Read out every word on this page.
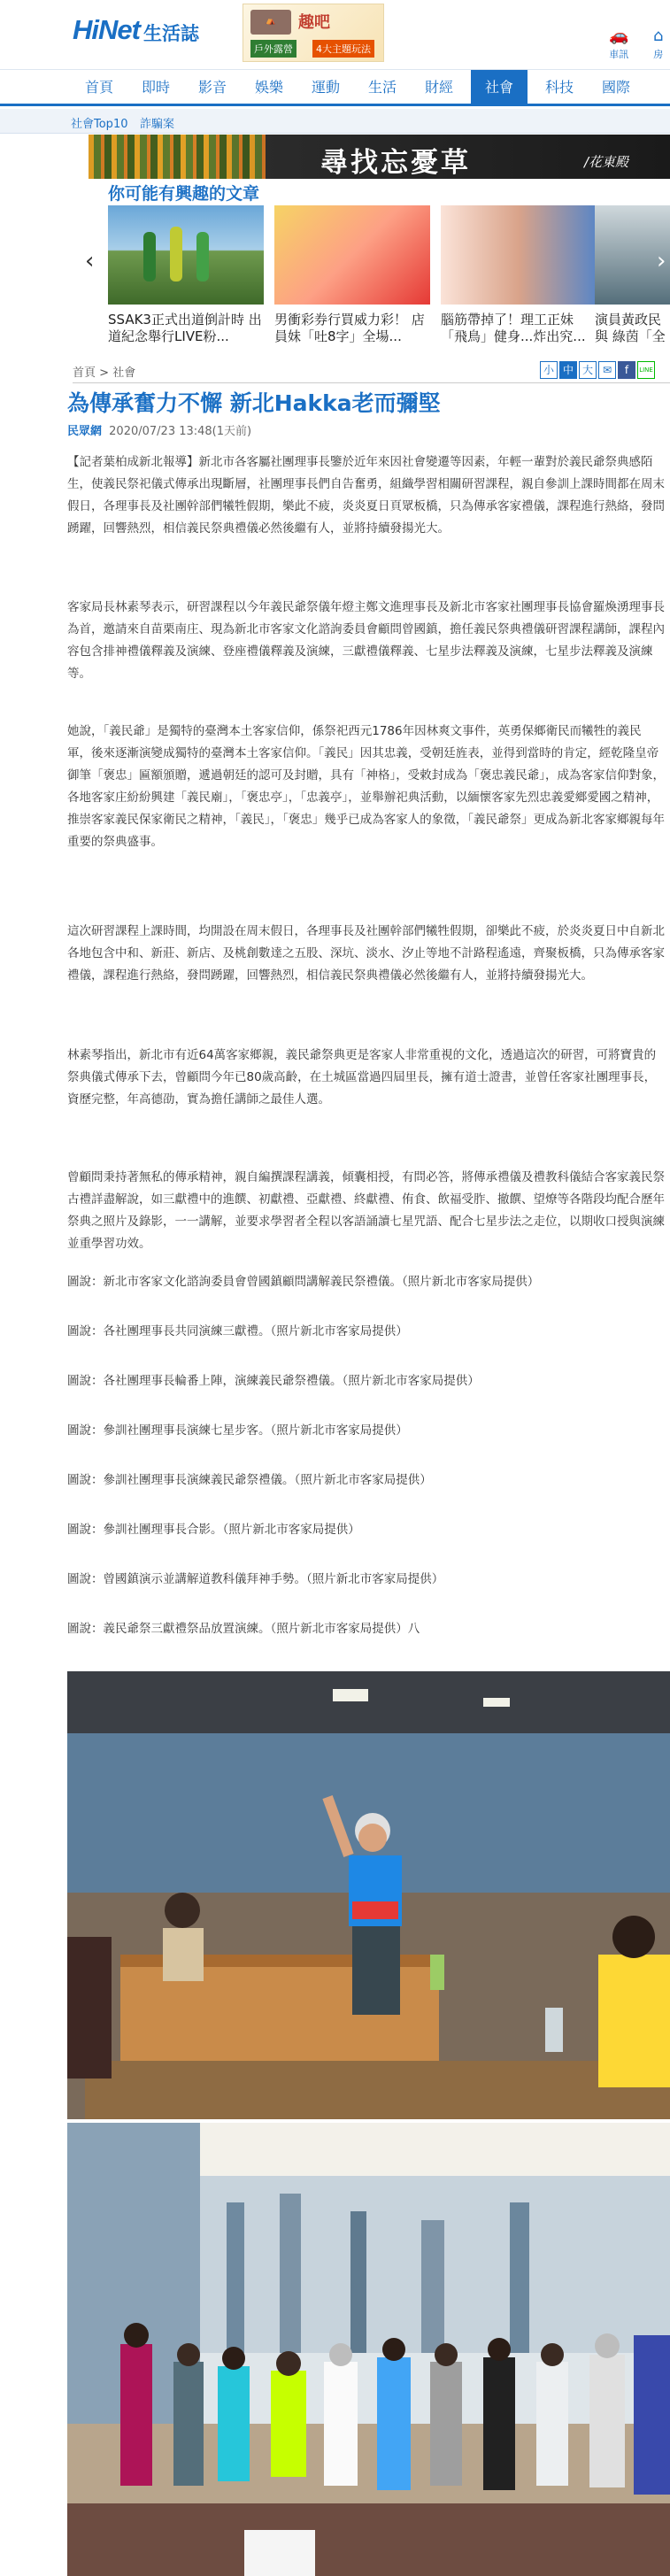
HiNet 生活誌
⛺	趣吧
戶外露營	4大主題玩法
🚗
車訊
⌂
房
首頁	即時	影音	娛樂	運動	生活	財經	社會	科技	國際
社會Top10 詐騙案
尋找忘憂草	/花東殿
你可能有興趣的文章
‹
SSAK3正式出道倒計時 出道紀念舉行LIVE粉...
男衝彩券行買威力彩！ 店員妹「吐8字」全場...
腦筋帶掉了！理工正妹 「飛鳥」健身...炸出究...
演員黃政民 與 綠茵「全
›
首頁 > 社會	小 中 大 ✉	f	LINE
為傳承奮力不懈 新北Hakka老而彌堅
民眾網 2020/07/23 13:48(1天前)

【記者葉柏成新北報導】新北市各客屬社團理事長鑒於近年來因社會變遷等因素，年輕一輩對於義民爺祭典感陌生，使義民祭祀儀式傳承出現斷層，社團理事長們自告奮勇，組織學習相關研習課程，親自參訓上課時間都在周末假日，各理事長及社團幹部們犧牲假期，樂此不疲，炎炎夏日頁眾板橋，只為傳承客家禮儀，課程進行熱絡，發問踴躍，回響熱烈，相信義民祭典禮儀必然後繼有人，並將持續發揚光大。

客家局長林素琴表示，研習課程以今年義民爺祭儀年燈主鄭文進理事長及新北市客家社團理事長協會羅煥湧理事長為首，邀請來自苗栗南庄、現為新北市客家文化諮詢委員會顧問曾國鎮，擔任義民祭典禮儀研習課程講師，課程內容包含排神禮儀釋義及演練、登座禮儀釋義及演練，三獻禮儀釋義、七星步法釋義及演練，七星步法釋義及演練等。

她說，「義民爺」是獨特的臺灣本土客家信仰，係祭祀西元1786年因林爽文事件，英勇保鄉衛民而犧牲的義民軍，後來逐漸演變成獨特的臺灣本土客家信仰。「義民」因其忠義，受朝廷旌表，並得到當時的肯定，經乾隆皇帝御筆「褒忠」匾額頒贈，遞過朝廷的認可及封贈，具有「神格」，受敕封成為「褒忠義民爺」，成為客家信仰對象，各地客家庄紛紛興建「義民廟」，「褒忠亭」，「忠義亭」，並舉辦祀典活動，以緬懷客家先烈忠義愛鄉愛國之精神，推崇客家義民保家衛民之精神，「義民」，「褒忠」幾乎已成為客家人的象徵，「義民爺祭」更成為新北客家鄉親每年重要的祭典盛事。

這次研習課程上課時間，均開設在周末假日，各理事長及社團幹部們犧牲假期，卻樂此不疲，於炎炎夏日中自新北各地包含中和、新莊、新店、及桃創數達之五股、深坑、淡水、汐止等地不計路程遙遠，齊聚板橋，只為傳承客家禮儀，課程進行熱絡，發問踴躍，回響熱烈，相信義民祭典禮儀必然後繼有人，並將持續發揚光大。

林素琴指出，新北市有近64萬客家鄉親，義民爺祭典更是客家人非常重視的文化，透過這次的研習，可將寶貴的祭典儀式傳承下去，曾顧問今年已80歲高齡，在土城區當過四屆里長，擁有道士證書，並曾任客家社團理事長，資歷完整，年高德劭，實為擔任講師之最佳人選。

曾顧問秉持著無私的傳承精神，親自編撰課程講義，傾囊相授，有問必答，將傳承禮儀及禮教科儀結合客家義民祭古禮詳盡解說，如三獻禮中的進饌、初獻禮、亞獻禮、終獻禮、侑食、飲福受胙、撤饌、望燎等各階段均配合歷年祭典之照片及錄影，一一講解，並要求學習者全程以客語誦讀七星咒語、配合七星步法之走位，以期收口授與演練並重學習功效。

圖說：新北市客家文化諮詢委員會曾國鎮顧問講解義民祭禮儀。（照片新北市客家局提供）
圖說：各社團理事長共同演練三獻禮。（照片新北市客家局提供）
圖說：各社團理事長輪番上陣，演練義民爺祭禮儀。（照片新北市客家局提供）
圖說：參訓社團理事長演練七星步客。（照片新北市客家局提供）
圖說：參訓社團理事長演練義民爺祭禮儀。（照片新北市客家局提供）
圖說：參訓社團理事長合影。（照片新北市客家局提供）
圖說：曾國鎮演示並講解道教科儀拜神手勢。（照片新北市客家局提供）
圖說：義民爺祭三獻禮祭品放置演練。（照片新北市客家局提供）八
